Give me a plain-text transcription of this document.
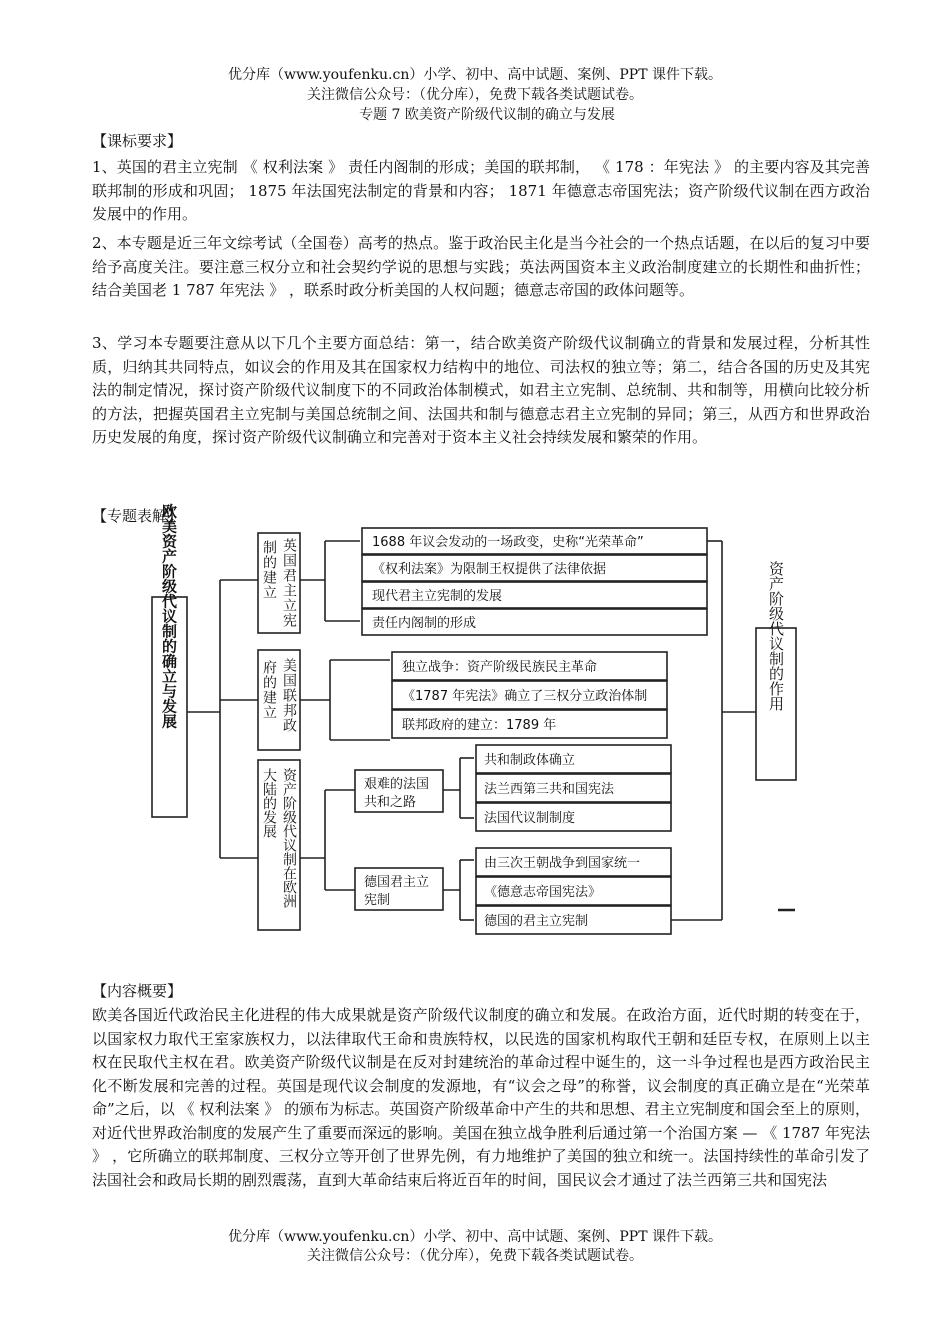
优分库（www.youfenku.cn）小学、初中、高中试题、案例、PPT 课件下载。
关注微信公众号：（优分库），免费下载各类试题试卷。
专题 7 欧美资产阶级代议制的确立与发展
【课标要求】
1、英国的君主立宪制 《 权利法案 》 责任内阁制的形成；美国的联邦制， 《 178 ：年宪法 》 的主要内容及其完善联邦制的形成和巩固； 1875 年法国宪法制定的背景和内容； 1871 年德意志帝国宪法；资产阶级代议制在西方政治发展中的作用。
2、本专题是近三年文综考试（全国卷）高考的热点。鉴于政治民主化是当今社会的一个热点话题，在以后的复习中要给予高度关注。要注意三权分立和社会契约学说的思想与实践；英法两国资本主义政治制度建立的长期性和曲折性；结合美国老 1 787 年宪法 》 ，联系时政分析美国的人权问题；德意志帝国的政体问题等。
3、学习本专题要注意从以下几个主要方面总结：第一，结合欧美资产阶级代议制确立的背景和发展过程，分析其性质，归纳其共同特点，如议会的作用及其在国家权力结构中的地位、司法权的独立等；第二，结合各国的历史及其宪法的制定情况，探讨资产阶级代议制度下的不同政治体制模式，如君主立宪制、总统制、共和制等，用横向比较分析的方法，把握英国君主立宪制与美国总统制之间、法国共和制与德意志君主立宪制的异同；第三，从西方和世界政治历史发展的角度，探讨资产阶级代议制确立和完善对于资本主义社会持续发展和繁荣的作用。
【专题表解】
欧美资产阶级代议制的确立与发展	资产阶级代议制的作用
英国君主立宪
制的建立
美国联邦政
府的建立
资产阶级代议制在欧洲
大陆的发展
1688 年议会发动的一场政变，史称“光荣革命”
《权利法案》为限制王权提供了法律依据
现代君主立宪制的发展
责任内阁制的形成
独立战争：资产阶级民族民主革命
《1787 年宪法》确立了三权分立政治体制
联邦政府的建立：1789 年
艰难的法国
共和之路
德国君主立
宪制
共和制政体确立
法兰西第三共和国宪法
法国代议制制度
由三次王朝战争到国家统一
《德意志帝国宪法》
德国的君主立宪制
【内容概要】
欧美各国近代政治民主化进程的伟大成果就是资产阶级代议制度的确立和发展。在政治方面，近代时期的转变在于，以国家权力取代王室家族权力，以法律取代王命和贵族特权，以民选的国家机构取代王朝和廷臣专权，在原则上以主权在民取代主权在君。欧美资产阶级代议制是在反对封建统治的革命过程中诞生的，这一斗争过程也是西方政治民主化不断发展和完善的过程。英国是现代议会制度的发源地，有“议会之母”的称誉，议会制度的真正确立是在“光荣革命”之后，以 《 权利法案 》 的颁布为标志。英国资产阶级革命中产生的共和思想、君主立宪制度和国会至上的原则，对近代世界政治制度的发展产生了重要而深远的影响。美国在独立战争胜利后通过第一个治国方案 — 《 1787 年宪法 》 ，它所确立的联邦制度、三权分立等开创了世界先例，有力地维护了美国的独立和统一。法国持续性的革命引发了法国社会和政局长期的剧烈震荡，直到大革命结束后将近百年的时间，国民议会才通过了法兰西第三共和国宪法
优分库（www.youfenku.cn）小学、初中、高中试题、案例、PPT 课件下载。
关注微信公众号：（优分库），免费下载各类试题试卷。
